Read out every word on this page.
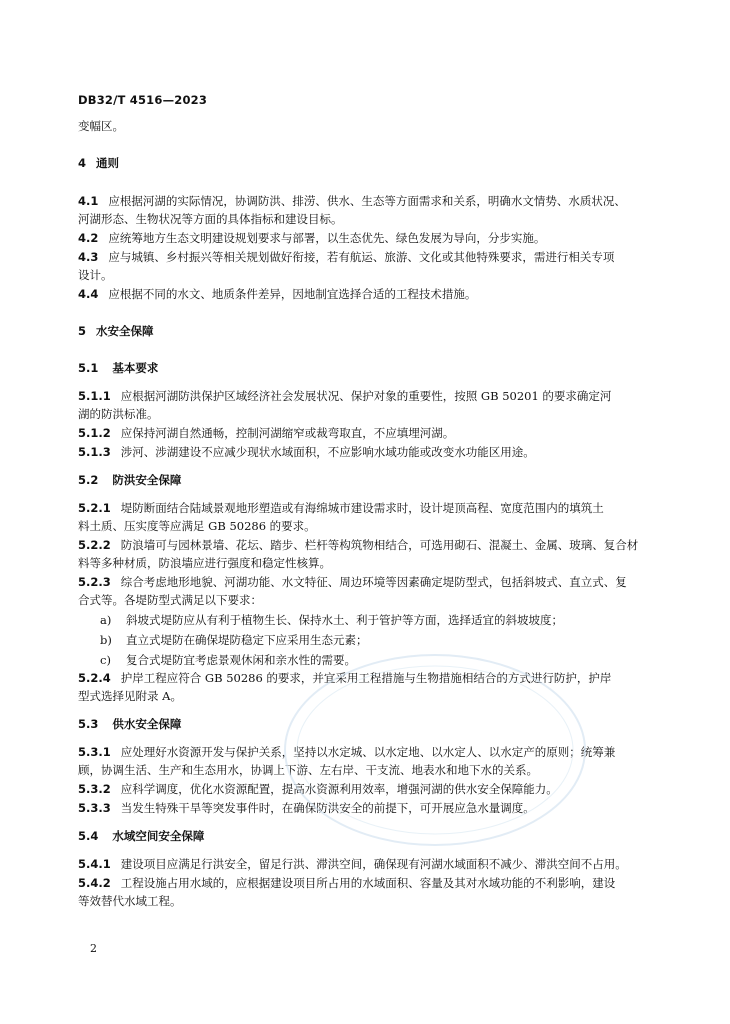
DB32/T 4516—2023
变幅区。
4 通则
4.1 应根据河湖的实际情况，协调防洪、排涝、供水、生态等方面需求和关系，明确水文情势、水质状况、
河湖形态、生物状况等方面的具体指标和建设目标。
4.2 应统筹地方生态文明建设规划要求与部署，以生态优先、绿色发展为导向，分步实施。
4.3 应与城镇、乡村振兴等相关规划做好衔接，若有航运、旅游、文化或其他特殊要求，需进行相关专项
设计。
4.4 应根据不同的水文、地质条件差异，因地制宜选择合适的工程技术措施。
5 水安全保障
5.1 基本要求
5.1.1 应根据河湖防洪保护区域经济社会发展状况、保护对象的重要性，按照 GB 50201 的要求确定河
湖的防洪标准。
5.1.2 应保持河湖自然通畅，控制河湖缩窄或裁弯取直，不应填埋河湖。
5.1.3 涉河、涉湖建设不应减少现状水域面积，不应影响水域功能或改变水功能区用途。
5.2 防洪安全保障
5.2.1 堤防断面结合陆域景观地形塑造或有海绵城市建设需求时，设计堤顶高程、宽度范围内的填筑土
料土质、压实度等应满足 GB 50286 的要求。
5.2.2 防浪墙可与园林景墙、花坛、踏步、栏杆等构筑物相结合，可选用砌石、混凝土、金属、玻璃、复合材
料等多种材质，防浪墙应进行强度和稳定性核算。
5.2.3 综合考虑地形地貌、河湖功能、水文特征、周边环境等因素确定堤防型式，包括斜坡式、直立式、复
合式等。各堤防型式满足以下要求：
a) 斜坡式堤防应从有利于植物生长、保持水土、利于管护等方面，选择适宜的斜坡坡度；
b) 直立式堤防在确保堤防稳定下应采用生态元素；
c) 复合式堤防宜考虑景观休闲和亲水性的需要。
5.2.4 护岸工程应符合 GB 50286 的要求，并宜采用工程措施与生物措施相结合的方式进行防护，护岸
型式选择见附录 A。
5.3 供水安全保障
5.3.1 应处理好水资源开发与保护关系，坚持以水定城、以水定地、以水定人、以水定产的原则；统筹兼
顾，协调生活、生产和生态用水，协调上下游、左右岸、干支流、地表水和地下水的关系。
5.3.2 应科学调度，优化水资源配置，提高水资源利用效率，增强河湖的供水安全保障能力。
5.3.3 当发生特殊干旱等突发事件时，在确保防洪安全的前提下，可开展应急水量调度。
5.4 水域空间安全保障
5.4.1 建设项目应满足行洪安全，留足行洪、滞洪空间，确保现有河湖水域面积不减少、滞洪空间不占用。
5.4.2 工程设施占用水域的，应根据建设项目所占用的水域面积、容量及其对水域功能的不利影响，建设
等效替代水域工程。
2
